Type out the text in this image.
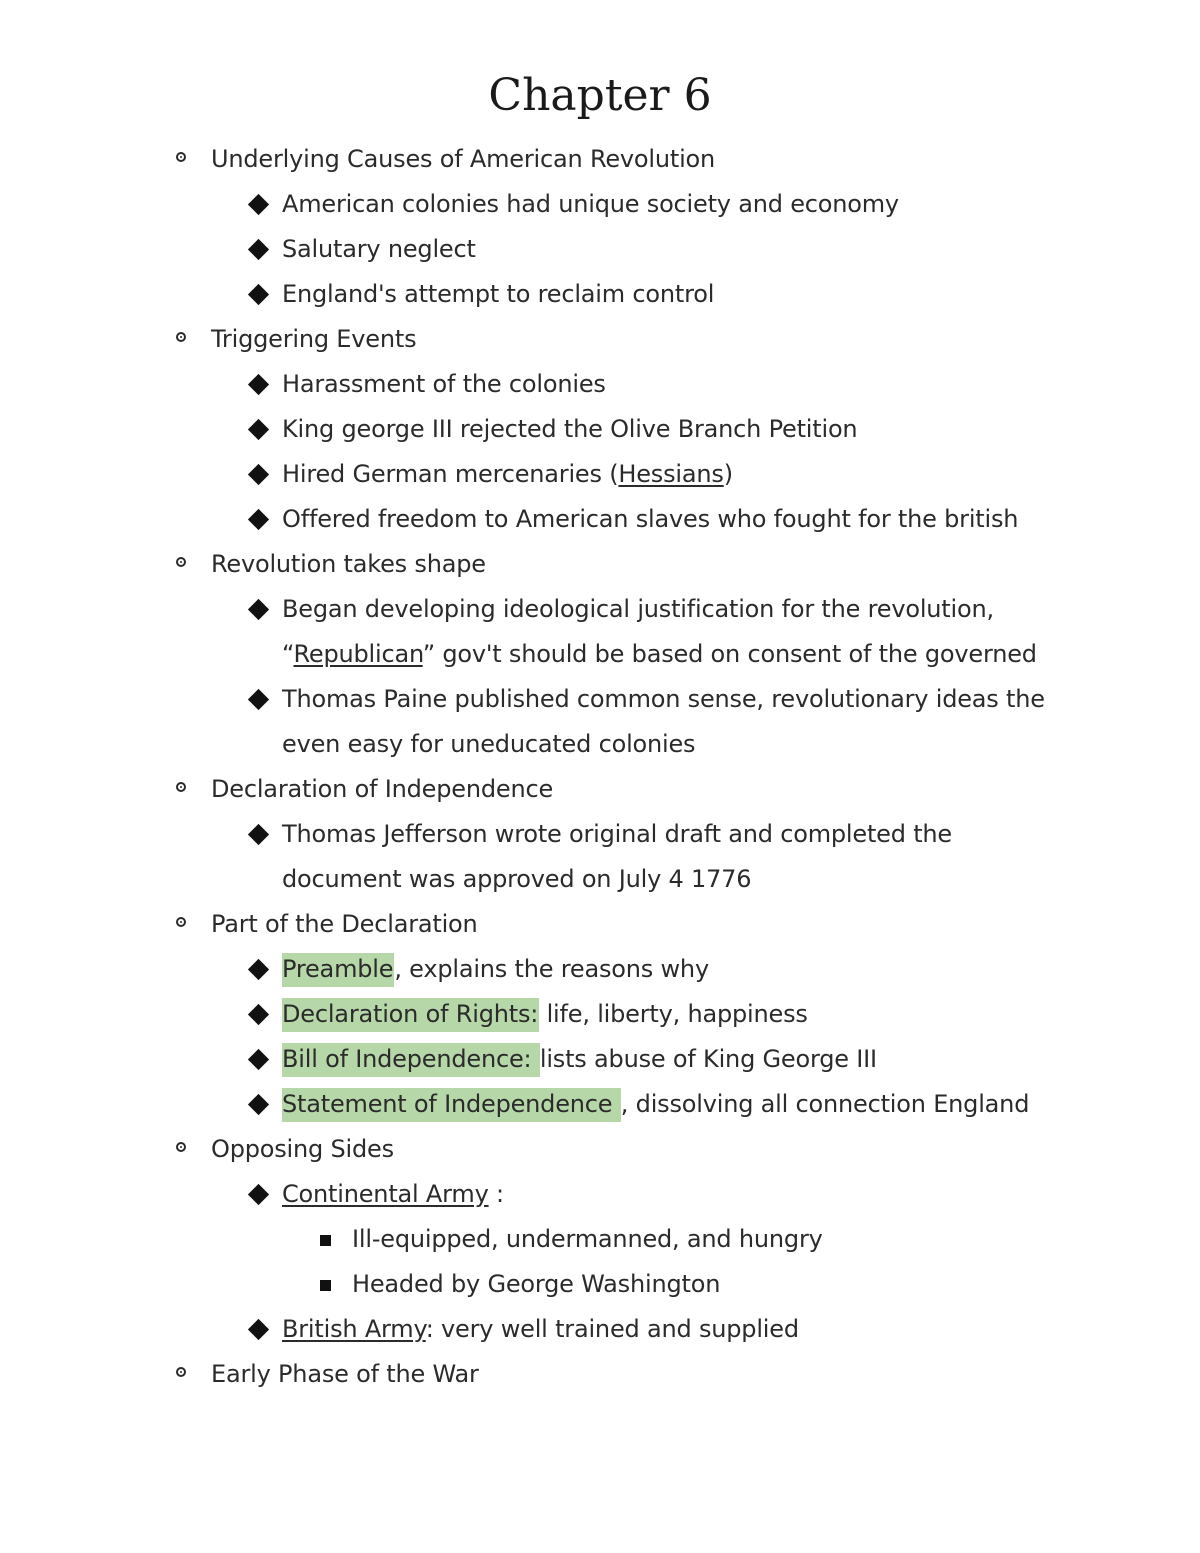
Chapter 6
Underlying Causes of American Revolution
American colonies had unique society and economy
Salutary neglect
England's attempt to reclaim control
Triggering Events
Harassment of the colonies
King george III rejected the Olive Branch Petition
Hired German mercenaries (Hessians)
Offered freedom to American slaves who fought for the british
Revolution takes shape
Began developing ideological justification for the revolution,
“Republican” gov't should be based on consent of the governed
Thomas Paine published common sense, revolutionary ideas the
even easy for uneducated colonies
Declaration of Independence
Thomas Jefferson wrote original draft and completed the
document was approved on July 4 1776
Part of the Declaration
Preamble, explains the reasons why
Declaration of Rights: life, liberty, happiness
Bill of Independence: lists abuse of King George III
Statement of Independence , dissolving all connection England
Opposing Sides
Continental Army :
Ill-equipped, undermanned, and hungry
Headed by George Washington
British Army: very well trained and supplied
Early Phase of the War
